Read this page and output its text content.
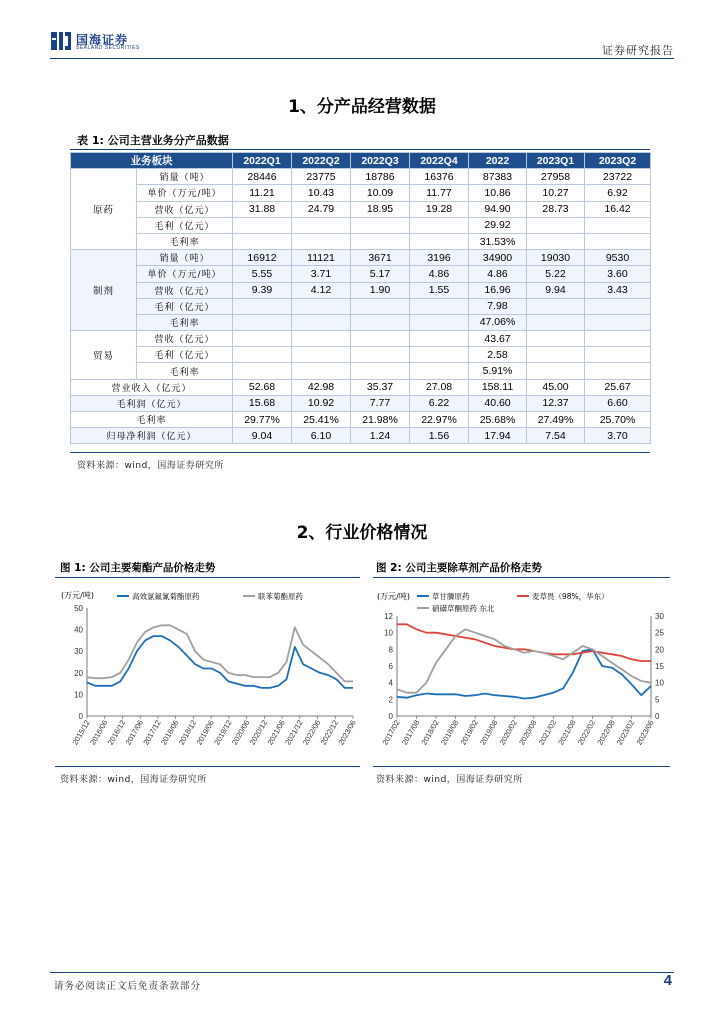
国海证券
SEALAND SECURITIES	证券研究报告
1、分产品经营数据
表 1: 公司主营业务分产品数据
业务板块		2022Q1	2022Q2	2022Q3	2022Q4	2022	2023Q1	2023Q2
原药	销量（吨）	28446	23775	18786	16376	87383	27958	23722
	单价（万元/吨）	11.21	10.43	10.09	11.77	10.86	10.27	6.92
	营收（亿元）	31.88	24.79	18.95	19.28	94.90	28.73	16.42
	毛利（亿元）					29.92		
	毛利率					31.53%		
制剂	销量（吨）	16912	11121	3671	3196	34900	19030	9530
	单价（万元/吨）	5.55	3.71	5.17	4.86	4.86	5.22	3.60
	营收（亿元）	9.39	4.12	1.90	1.55	16.96	9.94	3.43
	毛利（亿元）					7.98		
	毛利率					47.06%		
贸易	营收（亿元）					43.67		
	毛利（亿元）					2.58		
	毛利率					5.91%		
营业收入（亿元）		52.68	42.98	35.37	27.08	158.11	45.00	25.67
毛利润（亿元）		15.68	10.92	7.77	6.22	40.60	12.37	6.60
毛利率		29.77%	25.41%	21.98%	22.97%	25.68%	27.49%	25.70%
归母净利润（亿元）		9.04	6.10	1.24	1.56	17.94	7.54	3.70
资料来源：wind，国海证券研究所
2、行业价格情况
图 1: 公司主要菊酯产品价格走势	图 2: 公司主要除草剂产品价格走势
(万元/吨)	高效氯氟氰菊酯原药	联苯菊酯原药
0
10
20
30
40
50
2015/12
2016/06
2016/12
2017/06
2017/12
2018/06
2018/12
2019/06
2019/12
2020/06
2020/12
2021/06
2021/12
2022/06
2022/12
2023/06
(万元/吨)	草甘膦原药	麦草畏（98%，华东）
硝磺草酮原药 东北
0
2
4
6
8
10
12
0
5
10
15
20
25
30
2017/02
2017/08
2018/02
2018/08
2019/02
2019/08
2020/02
2020/08
2021/02
2021/08
2022/02
2022/08
2023/02
2023/06
资料来源：wind，国海证券研究所	资料来源：wind，国海证券研究所
请务必阅读正文后免责条款部分	4
